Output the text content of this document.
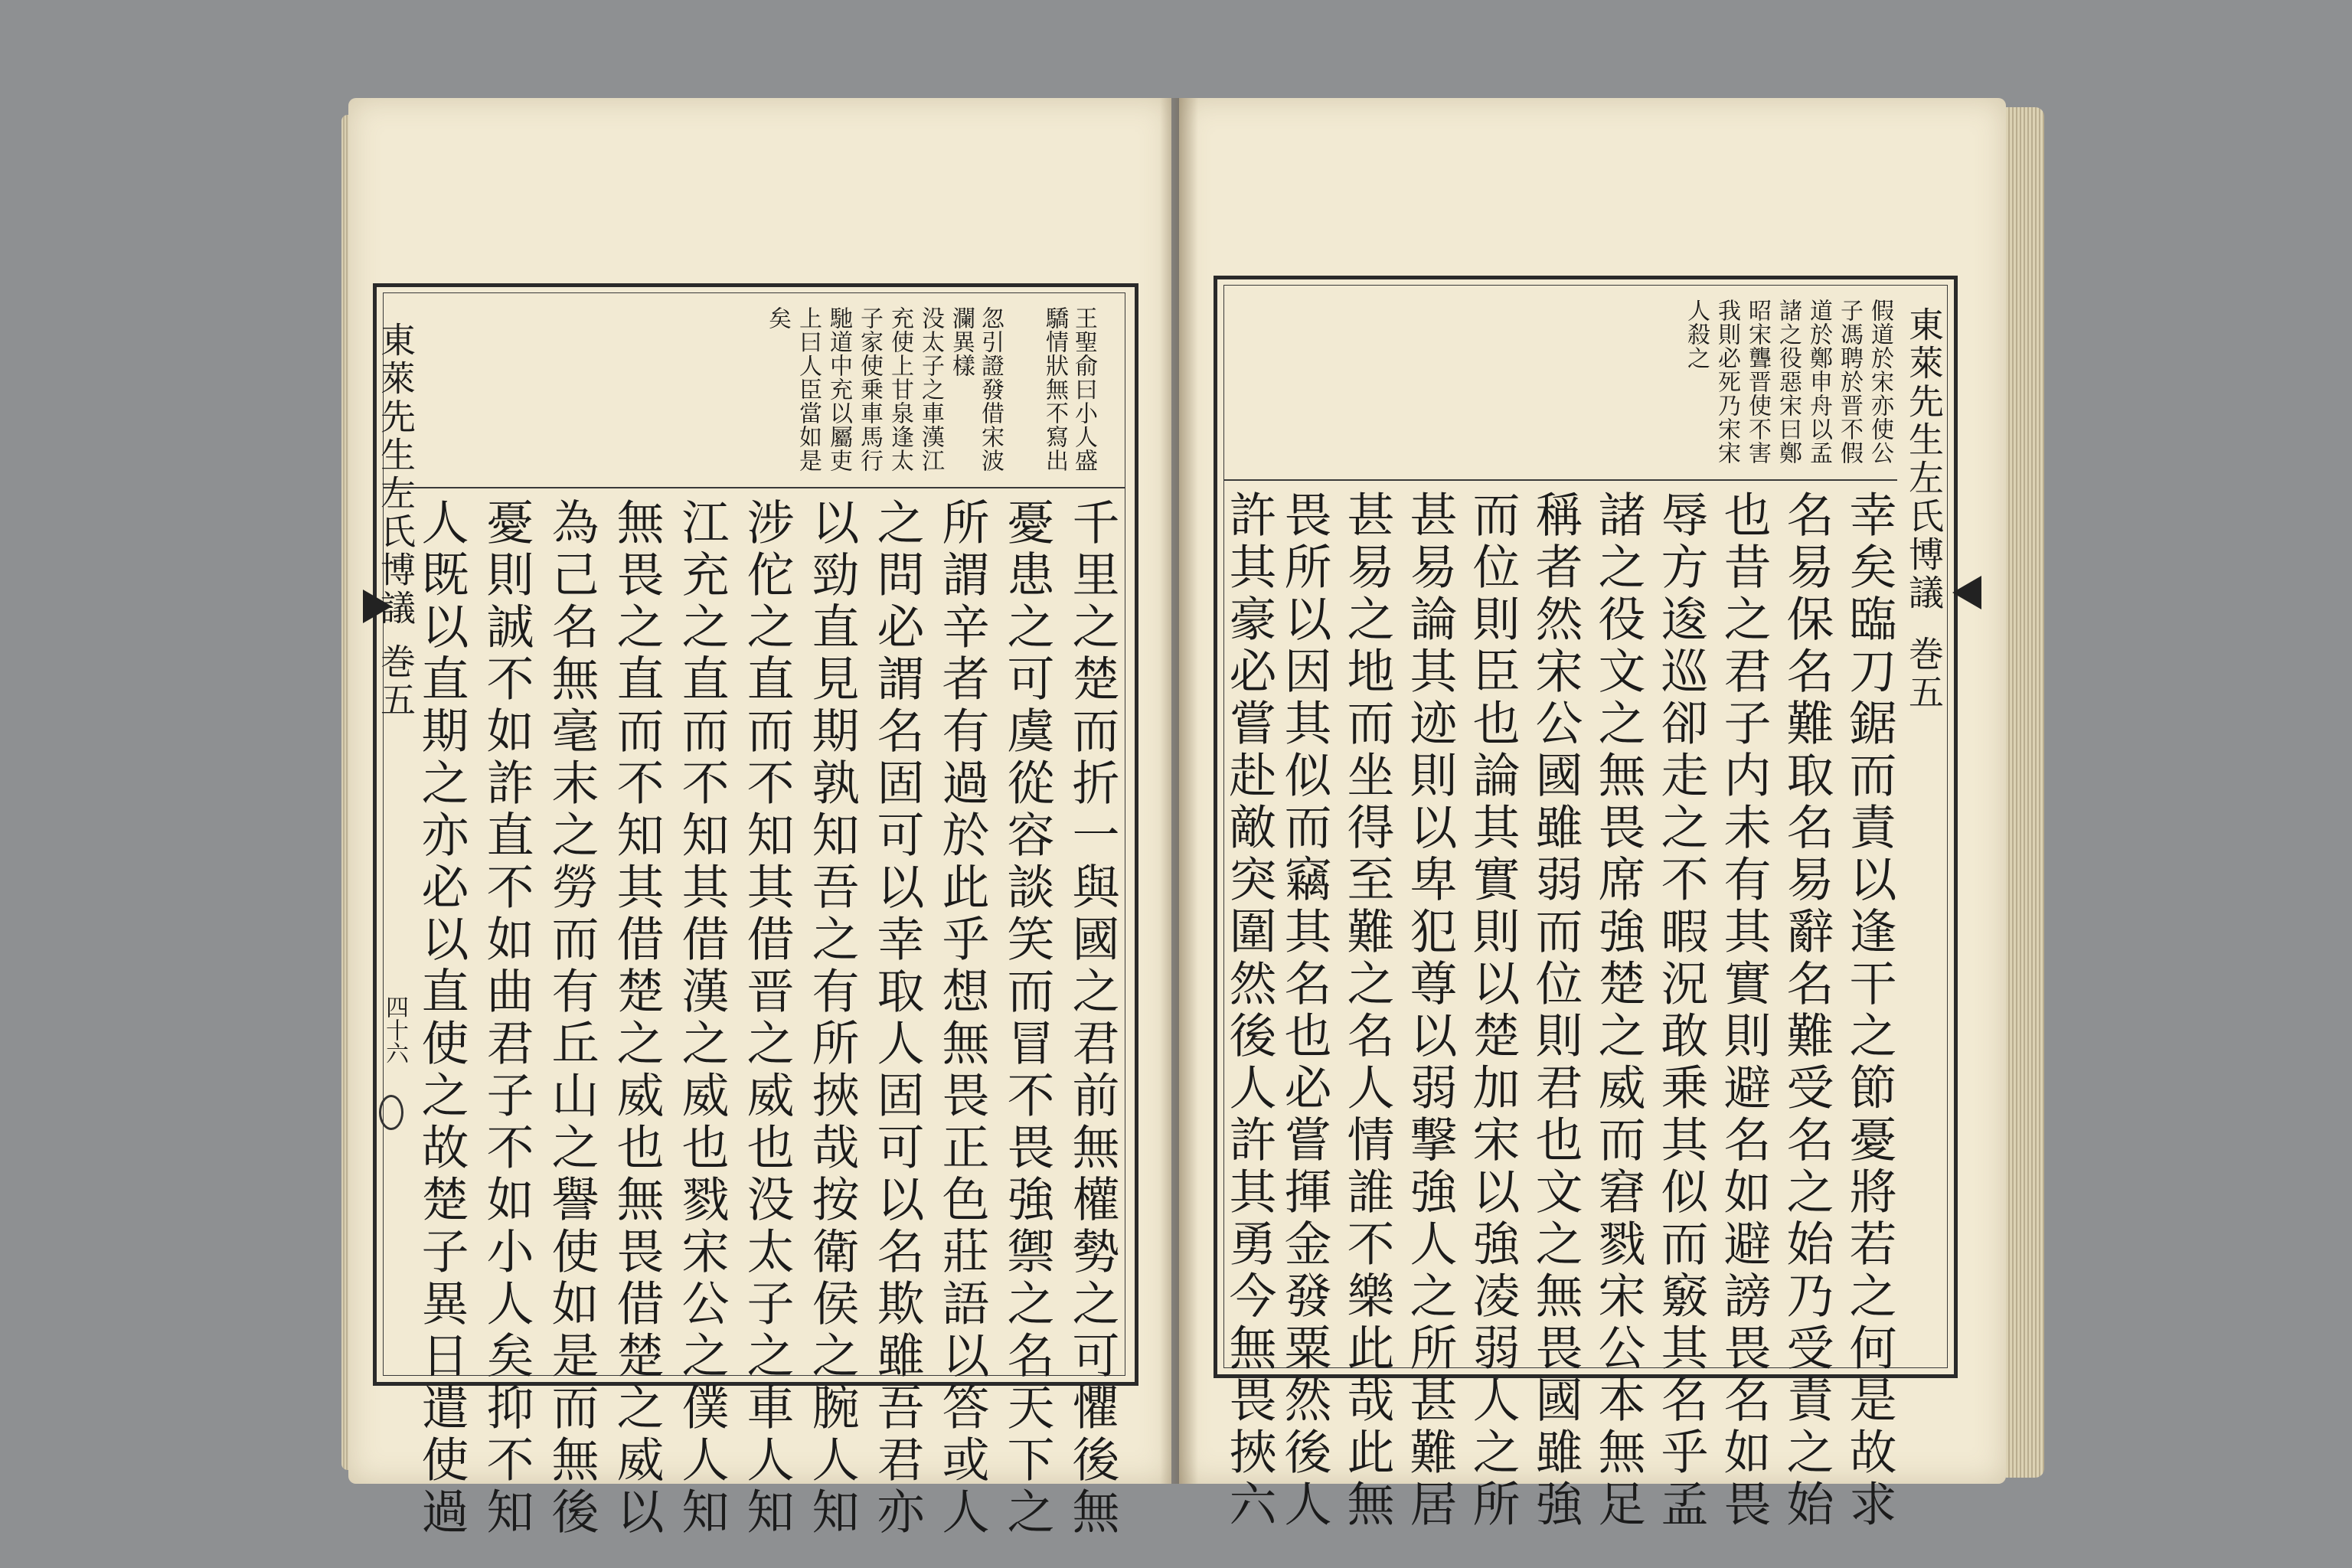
東萊先生左氏博議
巻五
四十六
王聖俞曰小人盛
驕情狀無不寫出
忽引證發借宋波
瀾異樣
没太子之車漢江
充使上甘泉逢太
子家使乗車馬行
馳道中充以屬吏
上曰人臣當如是
矣
千里之楚而折一與國之君前無權勢之可懼後無
憂患之可虞從容談笑而冒不畏強禦之名天下之
所謂辛者有過於此乎想無畏正色莊語以答或人
之問必謂名固可以幸取人固可以名欺雖吾君亦
以勁直見期孰知吾之有所挾哉按衛侯之腕人知
涉佗之直而不知其借晋之威也没太子之車人知
江充之直而不知其借漢之威也戮宋公之僕人知
無畏之直而不知其借楚之威也無畏借楚之威以
為己名無毫末之勞而有丘山之譽使如是而無後
憂則誠不如詐直不如曲君子不如小人矣抑不知
人既以直期之亦必以直使之故楚子異日遣使過
東萊先生左氏博議
巻五
假道於宋亦使公
子馮聘於晋不假
道於鄭申舟以孟
諸之役惡宋曰鄭
昭宋聾晋使不害
我則必死乃宋宋
人殺之
幸矣臨刀鋸而責以逢干之節憂將若之何是故求
名易保名難取名易辭名難受名之始乃受責之始
也昔之君子内未有其實則避名如避謗畏名如畏
辱方逡巡卻走之不暇況敢乗其似而竅其名乎孟
諸之役文之無畏席強楚之威而窘戮宋公本無足
稱者然宋公國雖弱而位則君也文之無畏國雖強
而位則臣也論其實則以楚加宋以強凌弱人之所
甚易論其迹則以卑犯尊以弱撃強人之所甚難居
甚易之地而坐得至難之名人情誰不樂此哉此無
畏所以因其似而竊其名也必嘗揮金發粟然後人
許其豪必嘗赴敵突圍然後人許其勇今無畏挾六
